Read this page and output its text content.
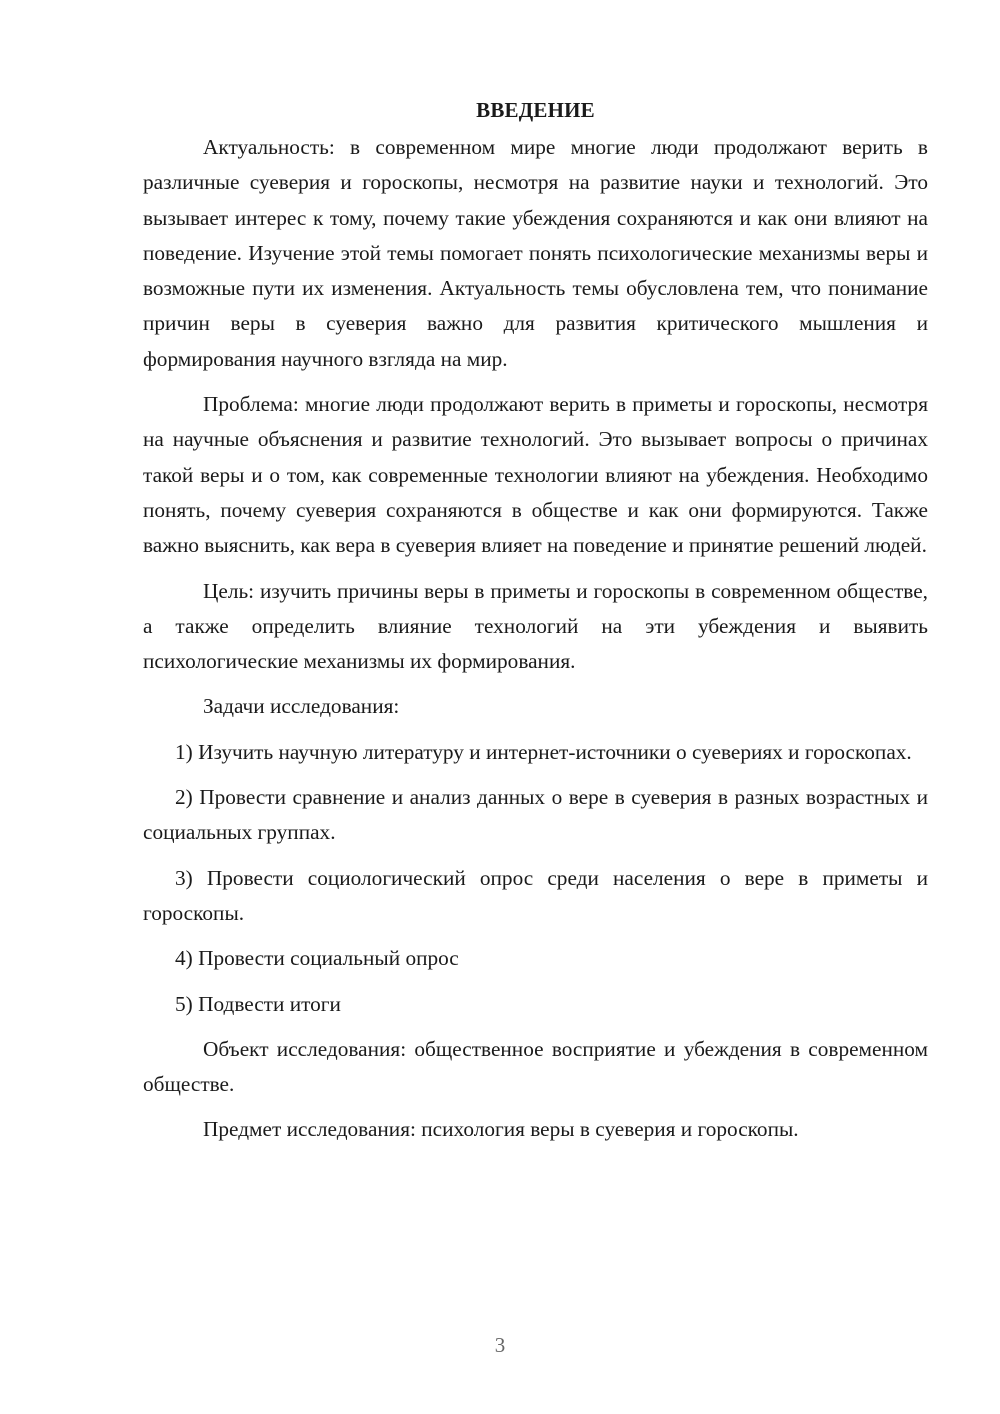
ВВЕДЕНИЕ

Актуальность: в современном мире многие люди продолжают верить в различные суеверия и гороскопы, несмотря на развитие науки и технологий. Это вызывает интерес к тому, почему такие убеждения сохраняются и как они влияют на поведение. Изучение этой темы помогает понять психологические механизмы веры и возможные пути их изменения. Актуальность темы обусловлена тем, что понимание причин веры в суеверия важно для развития критического мышления и формирования научного взгляда на мир.

Проблема: многие люди продолжают верить в приметы и гороскопы, несмотря на научные объяснения и развитие технологий. Это вызывает вопросы о причинах такой веры и о том, как современные технологии влияют на убеждения. Необходимо понять, почему суеверия сохраняются в обществе и как они формируются. Также важно выяснить, как вера в суеверия влияет на поведение и принятие решений людей.

Цель: изучить причины веры в приметы и гороскопы в современном обществе, а также определить влияние технологий на эти убеждения и выявить психологические механизмы их формирования.

Задачи исследования:

1) Изучить научную литературу и интернет-источники о суевериях и гороскопах.

2) Провести сравнение и анализ данных о вере в суеверия в разных возрастных и социальных группах.

3) Провести социологический опрос среди населения о вере в приметы и гороскопы.

4) Провести социальный опрос

5) Подвести итоги

Объект исследования: общественное восприятие и убеждения в современном обществе.

Предмет исследования: психология веры в суеверия и гороскопы.

3
